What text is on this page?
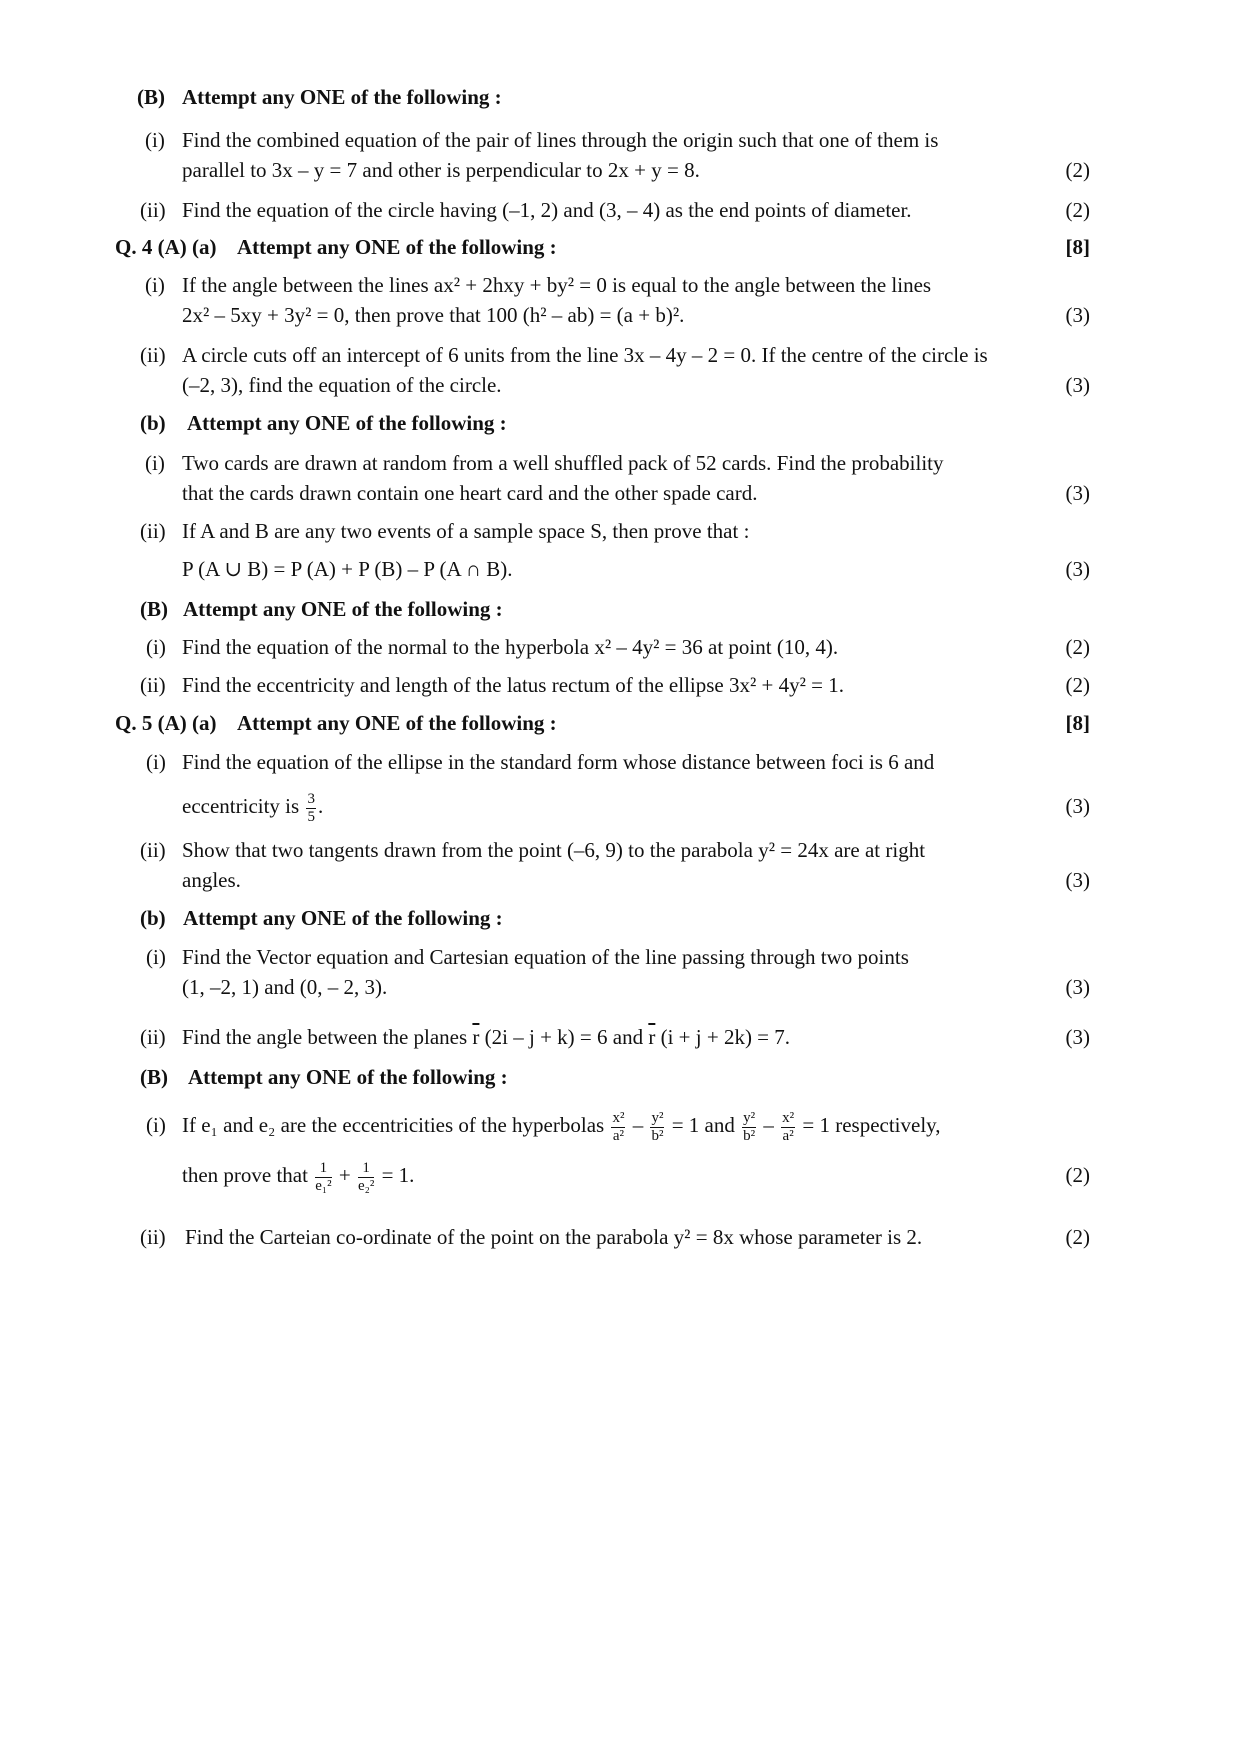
(B) Attempt any ONE of the following :
(i) Find the combined equation of the pair of lines through the origin such that one of them is
parallel to 3x – y = 7 and other is perpendicular to 2x + y = 8.	(2)
(ii) Find the equation of the circle having (–1, 2) and (3, – 4) as the end points of diameter.	(2)
Q. 4 (A) (a) Attempt any ONE of the following :	[8]
(i) If the angle between the lines ax² + 2hxy + by² = 0 is equal to the angle between the lines
2x² – 5xy + 3y² = 0, then prove that 100 (h² – ab) = (a + b)².	(3)
(ii) A circle cuts off an intercept of 6 units from the line 3x – 4y – 2 = 0. If the centre of the circle is
(–2, 3), find the equation of the circle.	(3)
(b) Attempt any ONE of the following :
(i) Two cards are drawn at random from a well shuffled pack of 52 cards. Find the probability
that the cards drawn contain one heart card and the other spade card.	(3)
(ii) If A and B are any two events of a sample space S, then prove that :
P (A ∪ B) = P (A) + P (B) – P (A ∩ B).	(3)
(B) Attempt any ONE of the following :
(i) Find the equation of the normal to the hyperbola x² – 4y² = 36 at point (10, 4).	(2)
(ii) Find the eccentricity and length of the latus rectum of the ellipse 3x² + 4y² = 1.	(2)
Q. 5 (A) (a) Attempt any ONE of the following :	[8]
(i) Find the equation of the ellipse in the standard form whose distance between foci is 6 and
eccentricity is $\frac{3}{5}$ .	(3)
(ii) Show that two tangents drawn from the point (–6, 9) to the parabola y² = 24x are at right
angles.	(3)
(b) Attempt any ONE of the following :
(i) Find the Vector equation and Cartesian equation of the line passing through two points
(1, –2, 1) and (0, – 2, 3).	(3)
(ii) Find the angle between the planes $\overline{r}$ (2i – j + k) = 6 and $\overline{r}$ (i + j + 2k) = 7.	(3)
(B) Attempt any ONE of the following :
(i) If e₁ and e₂ are the eccentricities of the hyperbolas $\frac{\text{x²}}{\text{a²}} - \frac{\text{y²}}{\text{b²}} = 1$ and $\frac{\text{y²}}{\text{b²}} - \frac{\text{x²}}{\text{a²}} = 1$ respectively,
then prove that $\frac{1}{\text{e₁²}} + \frac{1}{\text{e₂²}} = 1$.	(2)
(ii) Find the Carteian co-ordinate of the point on the parabola y² = 8x whose parameter is 2.	(2)
